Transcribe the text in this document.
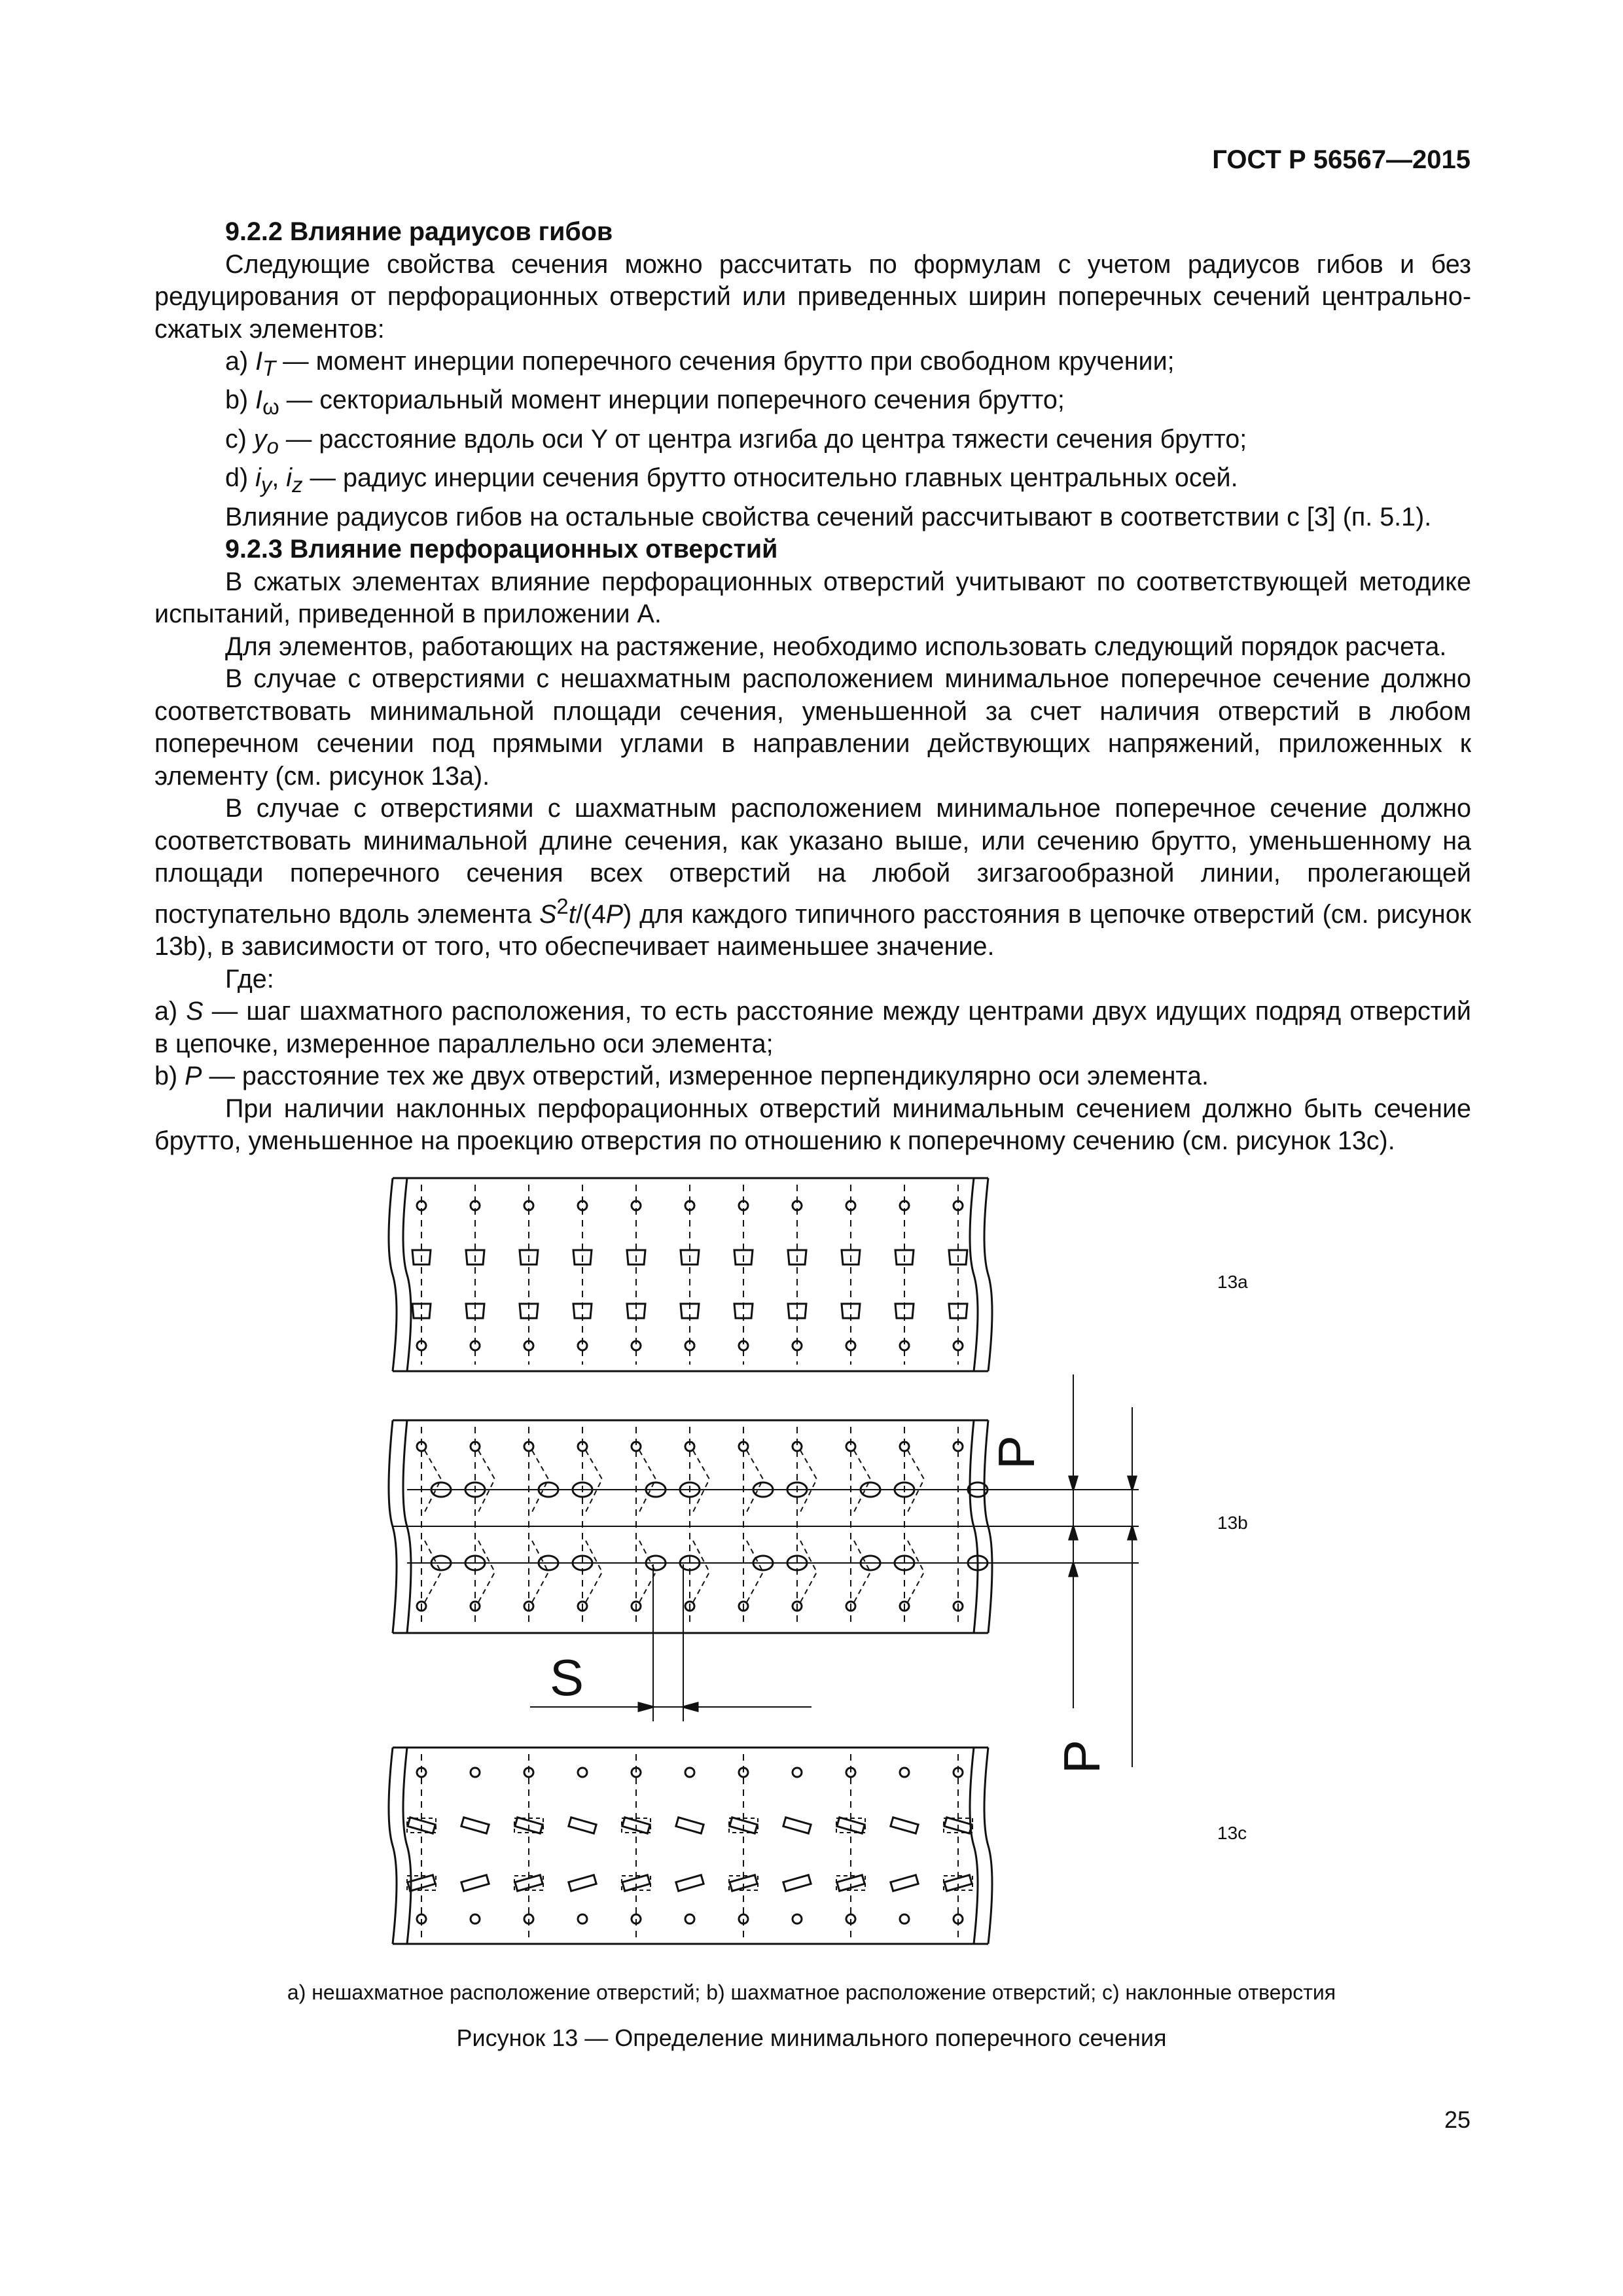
ГОСТ Р 56567—2015

9.2.2 Влияние радиусов гибов

Следующие свойства сечения можно рассчитать по формулам с учетом радиусов гибов и без редуцирования от перфорационных отверстий или приведенных ширин поперечных сечений центрально-сжатых элементов:

a) $I_T$ — момент инерции поперечного сечения брутто при свободном кручении;

b) $I_\omega$ — секториальный момент инерции поперечного сечения брутто;

c) $y_o$ — расстояние вдоль оси Y от центра изгиба до центра тяжести сечения брутто;

d) $i_y$, $i_z$ — радиус инерции сечения брутто относительно главных центральных осей.

Влияние радиусов гибов на остальные свойства сечений рассчитывают в соответствии с [3] (п. 5.1).

9.2.3 Влияние перфорационных отверстий

В сжатых элементах влияние перфорационных отверстий учитывают по соответствующей методике испытаний, приведенной в приложении А.

Для элементов, работающих на растяжение, необходимо использовать следующий порядок расчета.

В случае с отверстиями с нешахматным расположением минимальное поперечное сечение должно соответствовать минимальной площади сечения, уменьшенной за счет наличия отверстий в любом поперечном сечении под прямыми углами в направлении действующих напряжений, приложенных к элементу (см. рисунок 13а).

В случае с отверстиями с шахматным расположением минимальное поперечное сечение должно соответствовать минимальной длине сечения, как указано выше, или сечению брутто, уменьшенному на площади поперечного сечения всех отверстий на любой зигзагообразной линии, пролегающей поступательно вдоль элемента $S^2t/(4P)$ для каждого типичного расстояния в цепочке отверстий (см. рисунок 13b), в зависимости от того, что обеспечивает наименьшее значение.

Где:

a) S — шаг шахматного расположения, то есть расстояние между центрами двух идущих подряд отверстий в цепочке, измеренное параллельно оси элемента;

b) P — расстояние тех же двух отверстий, измеренное перпендикулярно оси элемента.

При наличии наклонных перфорационных отверстий минимальным сечением должно быть сечение брутто, уменьшенное на проекцию отверстия по отношению к поперечному сечению (см. рисунок 13с).

13a
13b
13c
S
P
P
а) нешахматное расположение отверстий; b) шахматное расположение отверстий; с) наклонные отверстия
Рисунок 13 — Определение минимального поперечного сечения
25
